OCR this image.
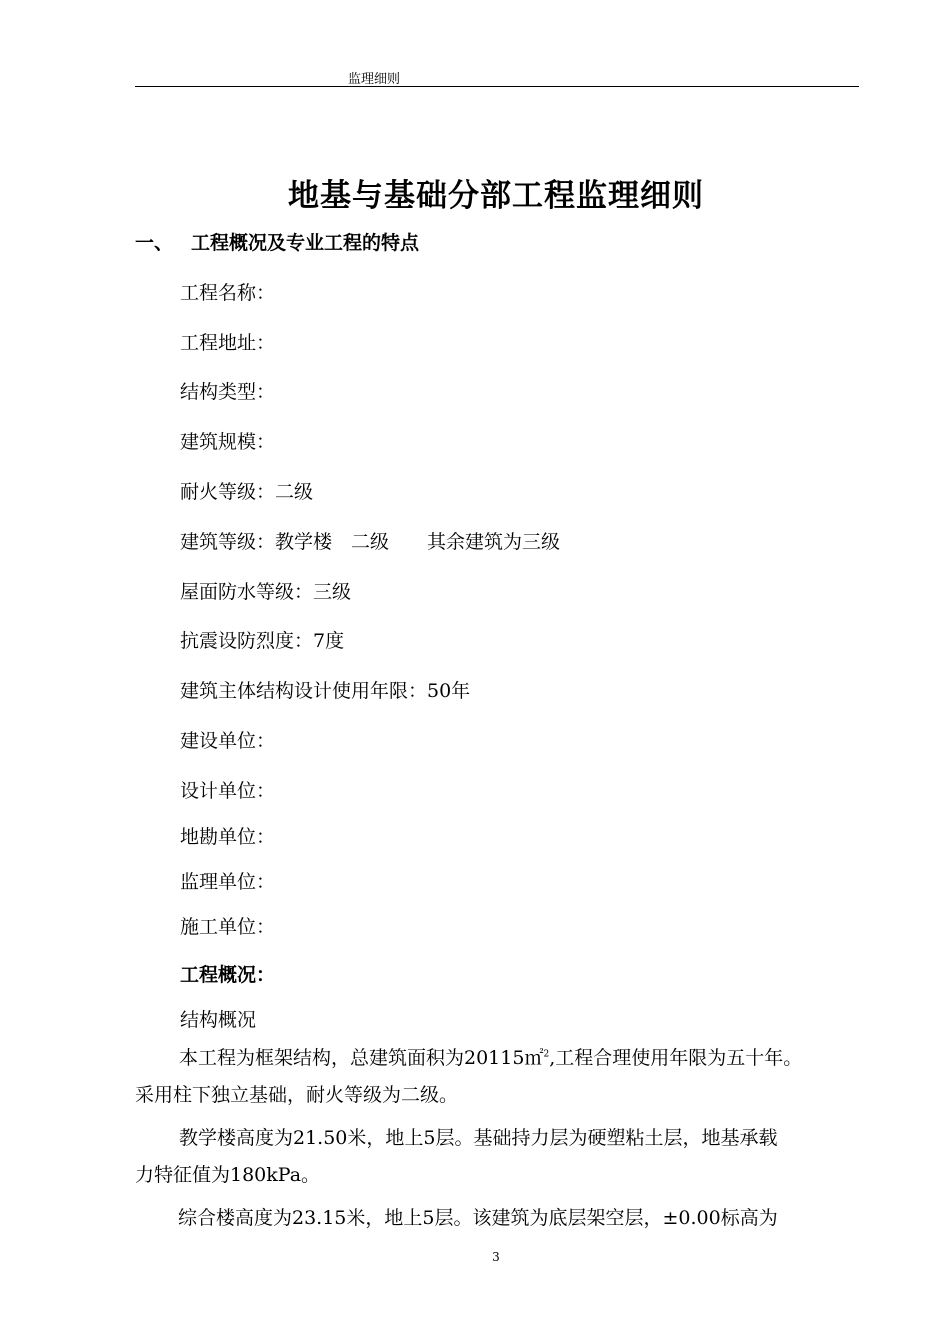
监理细则
地基与基础分部工程监理细则
一、 工程概况及专业工程的特点
工程名称：
工程地址：
结构类型：
建筑规模：
耐火等级：二级
建筑等级：教学楼　二级　　其余建筑为三级
屋面防水等级：三级
抗震设防烈度：7度
建筑主体结构设计使用年限：50年
建设单位：
设计单位：
地勘单位：
监理单位：
施工单位：
工程概况：
结构概况
本工程为框架结构，总建筑面积为20115㎡$^2$,工程合理使用年限为五十年。
采用柱下独立基础，耐火等级为二级。
教学楼高度为21.50米，地上5层。基础持力层为硬塑粘土层，地基承载
力特征值为180kPa。
综合楼高度为23.15米，地上5层。该建筑为底层架空层，±0.00标高为
3
